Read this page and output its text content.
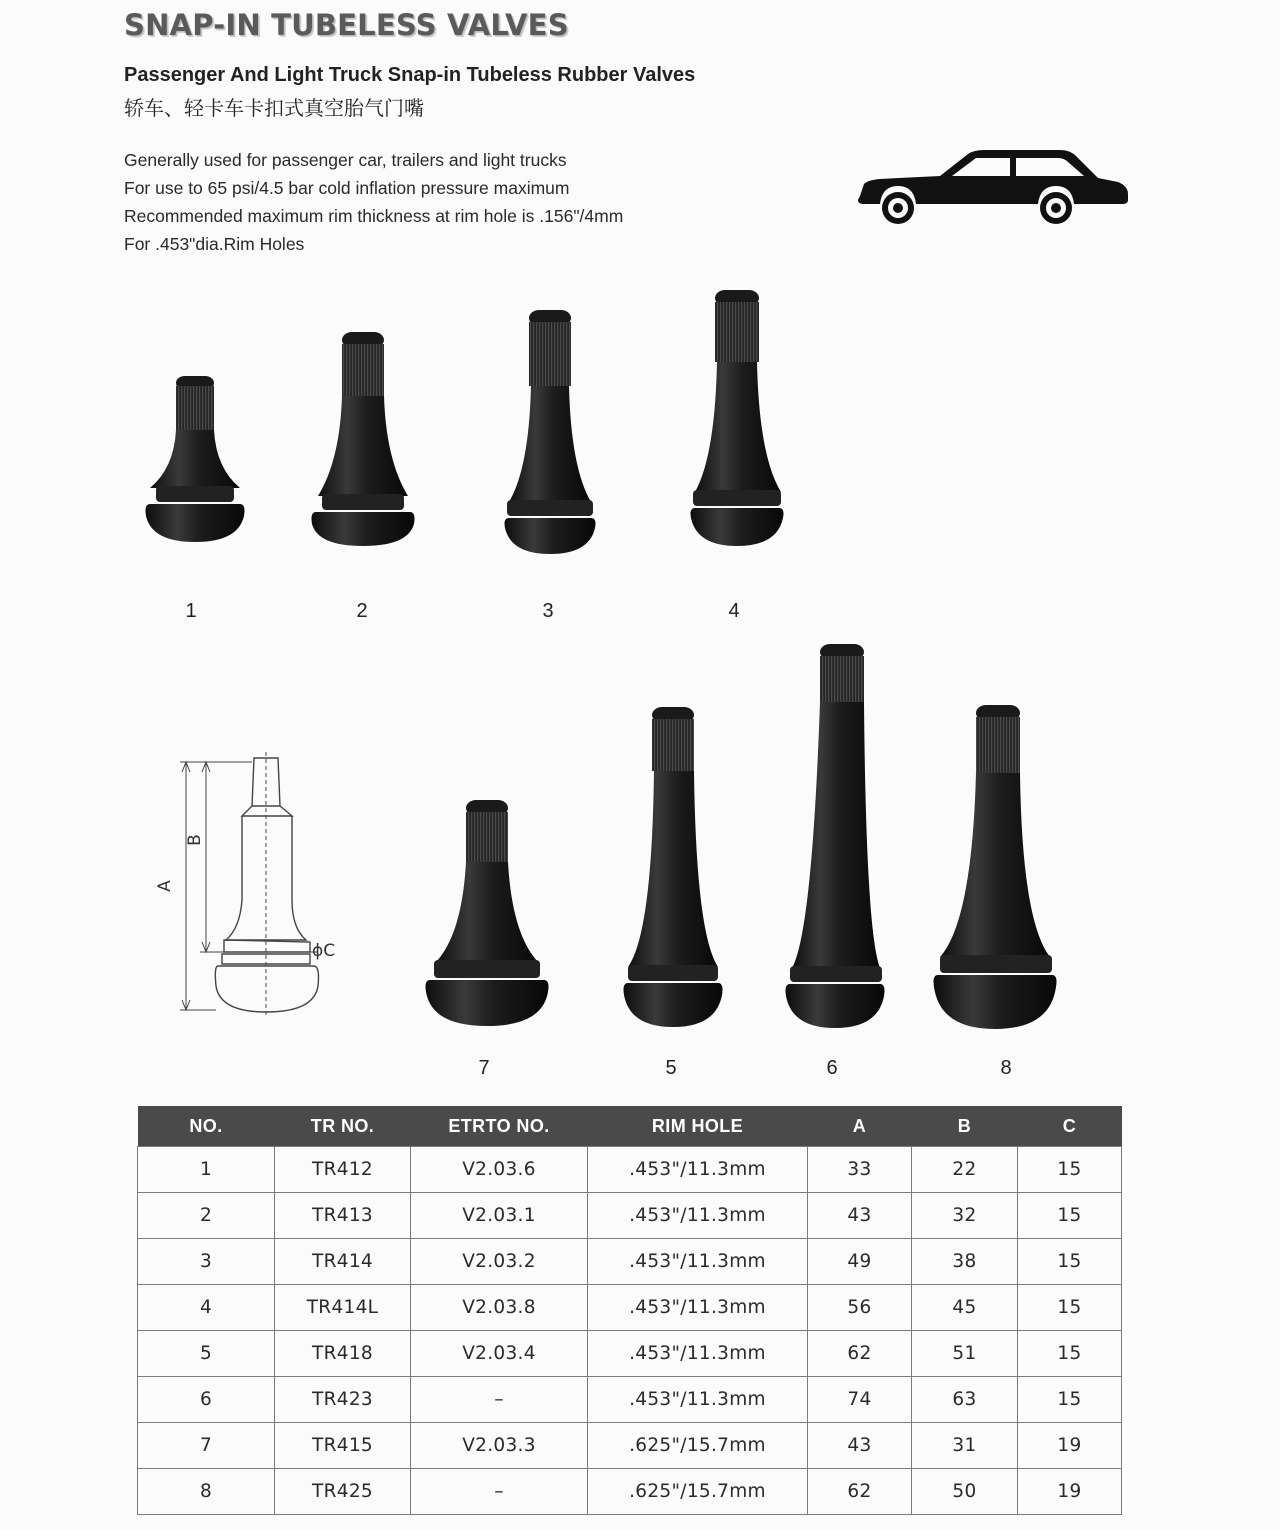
SNAP-IN TUBELESS VALVES
Passenger And Light Truck Snap-in Tubeless Rubber Valves
轿车、轻卡车卡扣式真空胎气门嘴
Generally used for passenger car, trailers and light trucks
For use to 65 psi/4.5 bar cold inflation pressure maximum
Recommended maximum rim thickness at rim hole is .156"/4mm
For .453"dia.Rim Holes
1	2	3	4
A
B
ϕC
7	5	6	8
NO.	TR NO.	ETRTO NO.	RIM HOLE	A	B	C
1	TR412	V2.03.6	.453"/11.3mm	33	22	15
2	TR413	V2.03.1	.453"/11.3mm	43	32	15
3	TR414	V2.03.2	.453"/11.3mm	49	38	15
4	TR414L	V2.03.8	.453"/11.3mm	56	45	15
5	TR418	V2.03.4	.453"/11.3mm	62	51	15
6	TR423	–	.453"/11.3mm	74	63	15
7	TR415	V2.03.3	.625"/15.7mm	43	31	19
8	TR425	–	.625"/15.7mm	62	50	19
